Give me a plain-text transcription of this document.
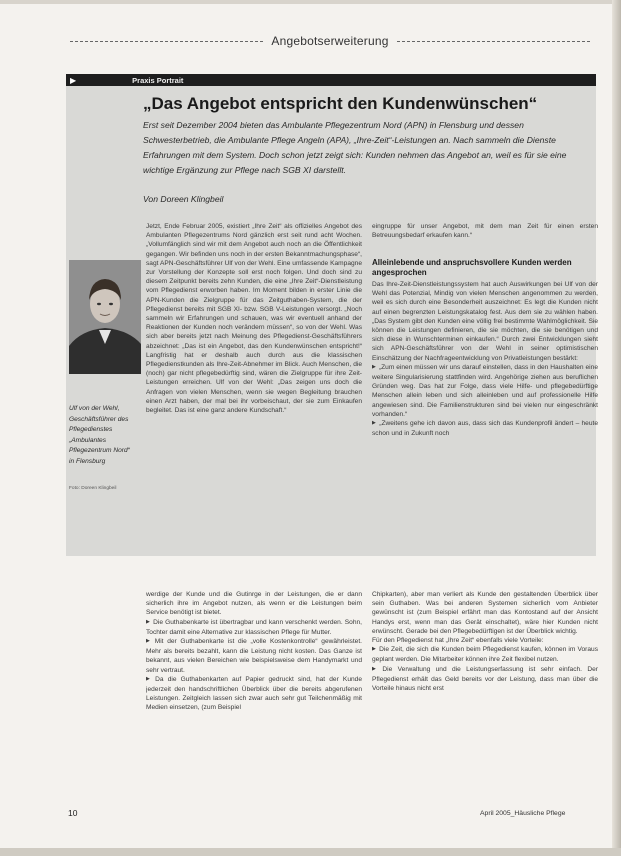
Angebotserweiterung
▶	Praxis Portrait
„Das Angebot entspricht den Kundenwünschen“
Erst seit Dezember 2004 bieten das Ambulante Pflegezentrum Nord (APN) in Flensburg und dessen Schwesterbetrieb, die Ambulante Pflege Angeln (APA), „Ihre-Zeit“-Leistungen an. Nach sammeln die Dienste Erfahrungen mit dem System. Doch schon jetzt zeigt sich: Kunden nehmen das Angebot an, weil es für sie eine wichtige Ergänzung zur Pflege nach SGB XI darstellt.
Von Doreen Klingbeil
Ulf von der Wehl, Geschäftsführer des Pflegedienstes „Ambulantes Pflegezentrum Nord“ in Flensburg
Foto: Doreen Klingbeil

Jetzt, Ende Februar 2005, existiert „Ihre Zeit“ als offizielles Angebot des Ambulanten Pflegezentrums Nord gänzlich erst seit rund acht Wochen. „Vollumfänglich sind wir mit dem Angebot auch noch an die Öffentlichkeit gegangen. Wir befinden uns noch in der ersten Bekanntmachungsphase“, sagt APN-Geschäftsführer Ulf von der Wehl. Eine umfassende Kampagne zur Vorstellung der Konzepte soll erst noch folgen. Und doch sind zu diesem Zeitpunkt bereits zehn Kunden, die eine „Ihre Zeit“-Dienstleistung vom Pflegedienst erworben haben. Im Moment bilden in erster Linie die APN-Kunden die Zielgruppe für das Zeitguthaben-System, die der Pflegedienst bereits mit SGB XI- bzw. SGB V-Leistungen versorgt. „Noch sammeln wir Erfahrungen und schauen, was wir eventuell anhand der Reaktionen der Kunden noch verändern müssen“, so von der Wehl. Was sich aber bereits jetzt nach Meinung des Pflegedienst-Geschäftsführers abzeichnet: „Das ist ein Angebot, das den Kundenwünschen entspricht!“ Langfristig hat er deshalb auch durch aus die klassischen Pflegedienstkunden als Ihre-Zeit-Abnehmer im Blick. Auch Menschen, die (noch) gar nicht pflegebedürftig sind, wären die Zielgruppe für ihre Zeit-Leistungen erreichen. Ulf von der Wehl: „Das zeigen uns doch die Anfragen von vielen Menschen, wenn sie wegen Begleitung brauchen einen Arzt haben, der mal bei ihr vorbeischaut, der sie zum Einkaufen begleitet. Das ist eine ganz andere Kundschaft.“

eingruppe für unser Angebot, mit dem man Zeit für einen ersten Betreuungsbedarf erkaufen kann.“

Alleinlebende und anspruchsvollere Kunden werden angesprochen

Das Ihre-Zeit-Dienstleistungssystem hat auch Auswirkungen bei Ulf von der Wehl das Potenzial, Mindig von vielen Menschen angenommen zu werden, weil es sich durch eine Besonderheit auszeichnet: Es legt die Kunden nicht auf einen begrenzten Leistungskatalog fest. Aus dem sie zu wählen haben. „Das System gibt den Kunden eine völlig frei bestimmte Wahlmöglichkeit. Sie können die Leistungen definieren, die sie möchten, die sie benötigen und sich diese in Wunschterminen einkaufen.“ Durch zwei Entwicklungen sieht sich APN-Geschäftsführer von der Wehl in seiner optimistischen Einschätzung der Nachfrageentwicklung von Privatleistungen bestärkt:

▶ „Zum einen müssen wir uns darauf einstellen, dass in den Haushalten eine weitere Singularisierung stattfinden wird. Angehörige ziehen aus beruflichen Gründen weg. Das hat zur Folge, dass viele Hilfe- und pflegebedürftige Menschen allein leben und sich alleinleben und auf professionelle Hilfe angewiesen sind. Die Familienstrukturen sind bei vielen nur eingeschränkt vorhanden.“

▶ „Zweitens gehe ich davon aus, dass sich das Kundenprofil ändert – heute schon und in Zukunft noch

werdige der Kunde und die Gutinrge in der Leistungen, die er dann sicherlich ihre im Angebot nutzen, als wenn er die Leistungen beim Service benötigt ist bietet.

▶ Die Guthabenkarte ist übertragbar und kann verschenkt werden. Sohn, Tochter damit eine Alternative zur klassischen Pflege für Mutter.

▶ Mit der Guthabenkarte ist die „volle Kostenkontrolle“ gewährleistet. Mehr als bereits bezahlt, kann die Leistung nicht kosten. Das Ganze ist bekannt, aus vielen Bereichen wie beispielsweise dem Handymarkt und sehr vertraut.

▶ Da die Guthabenkarten auf Papier gedruckt sind, hat der Kunde jederzeit den handschriftlichen Überblick über die bereits abgerufenen Leistungen. Zeitgleich lassen sich zwar auch sehr gut Teilchenmäßig mit Medien einsetzen, (zum Beispiel

Chipkarten), aber man verliert als Kunde den gestaltenden Überblick über sein Guthaben. Was bei anderen Systemen sicherlich vom Anbieter gewünscht ist (zum Beispiel erfährt man das Kontostand auf der Ansicht Handys erst, wenn man das Gerät einschaltet), wäre hier Kunden nicht erwünscht. Gerade bei den Pflegebedürftigen ist der Überblick wichtig.

Für den Pflegedienst hat „Ihre Zeit“ ebenfalls viele Vorteile:

▶ Die Zeit, die sich die Kunden beim Pflegedienst kaufen, können im Voraus geplant werden. Die Mitarbeiter können ihre Zeit flexibel nutzen.

▶ Die Verwaltung und die Leistungserfassung ist sehr einfach. Der Pflegedienst erhält das Geld bereits vor der Leistung, dass man über die Vorteile hinaus nicht erst

10	April 2005_Häusliche Pflege
